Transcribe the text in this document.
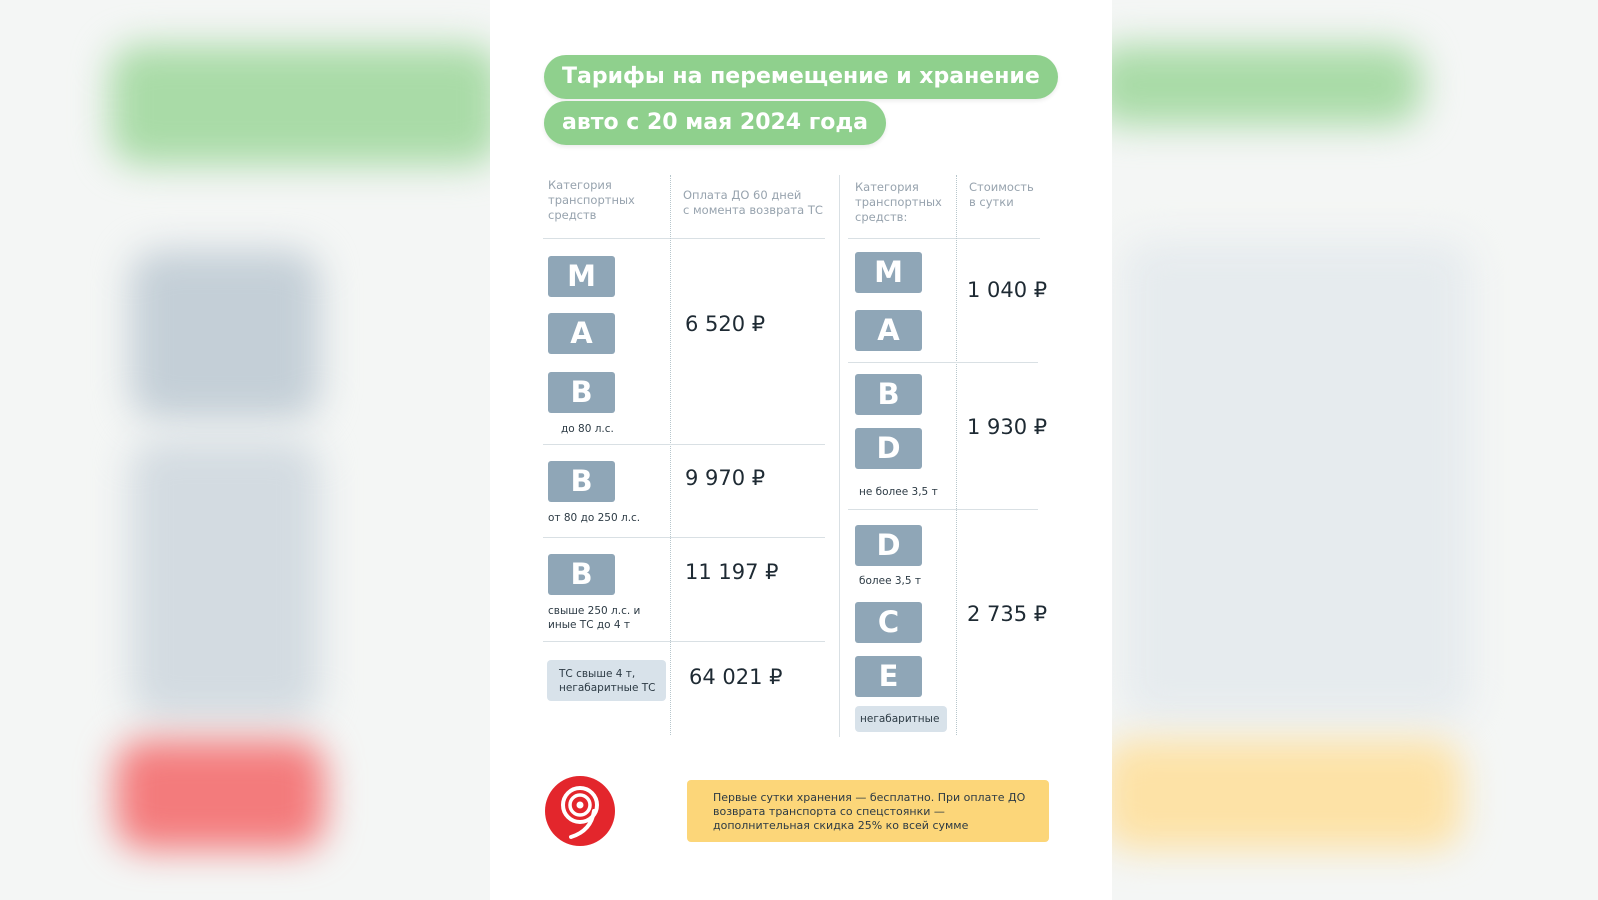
Тарифы на перемещение и хранение
авто с 20 мая 2024 года
Категория
транспортных
средств
Оплата ДО 60 дней
с момента возврата ТС
M
A
B
до 80 л.с.
6 520 ₽
B
от 80 до 250 л.с.
9 970 ₽
B
свыше 250 л.с. и
иные ТС до 4 т
11 197 ₽
ТС свыше 4 т,
негабаритные ТС	64 021 ₽
Категория
транспортных
средств:
Стоимость
в сутки
M
A
1 040 ₽
B
D
не более 3,5 т
1 930 ₽
D
более 3,5 т
C
E
негабаритные
2 735 ₽
Первые сутки хранения — бесплатно. При оплате ДО возврата транспорта со спецстоянки — дополнительная скидка 25% ко всей сумме
